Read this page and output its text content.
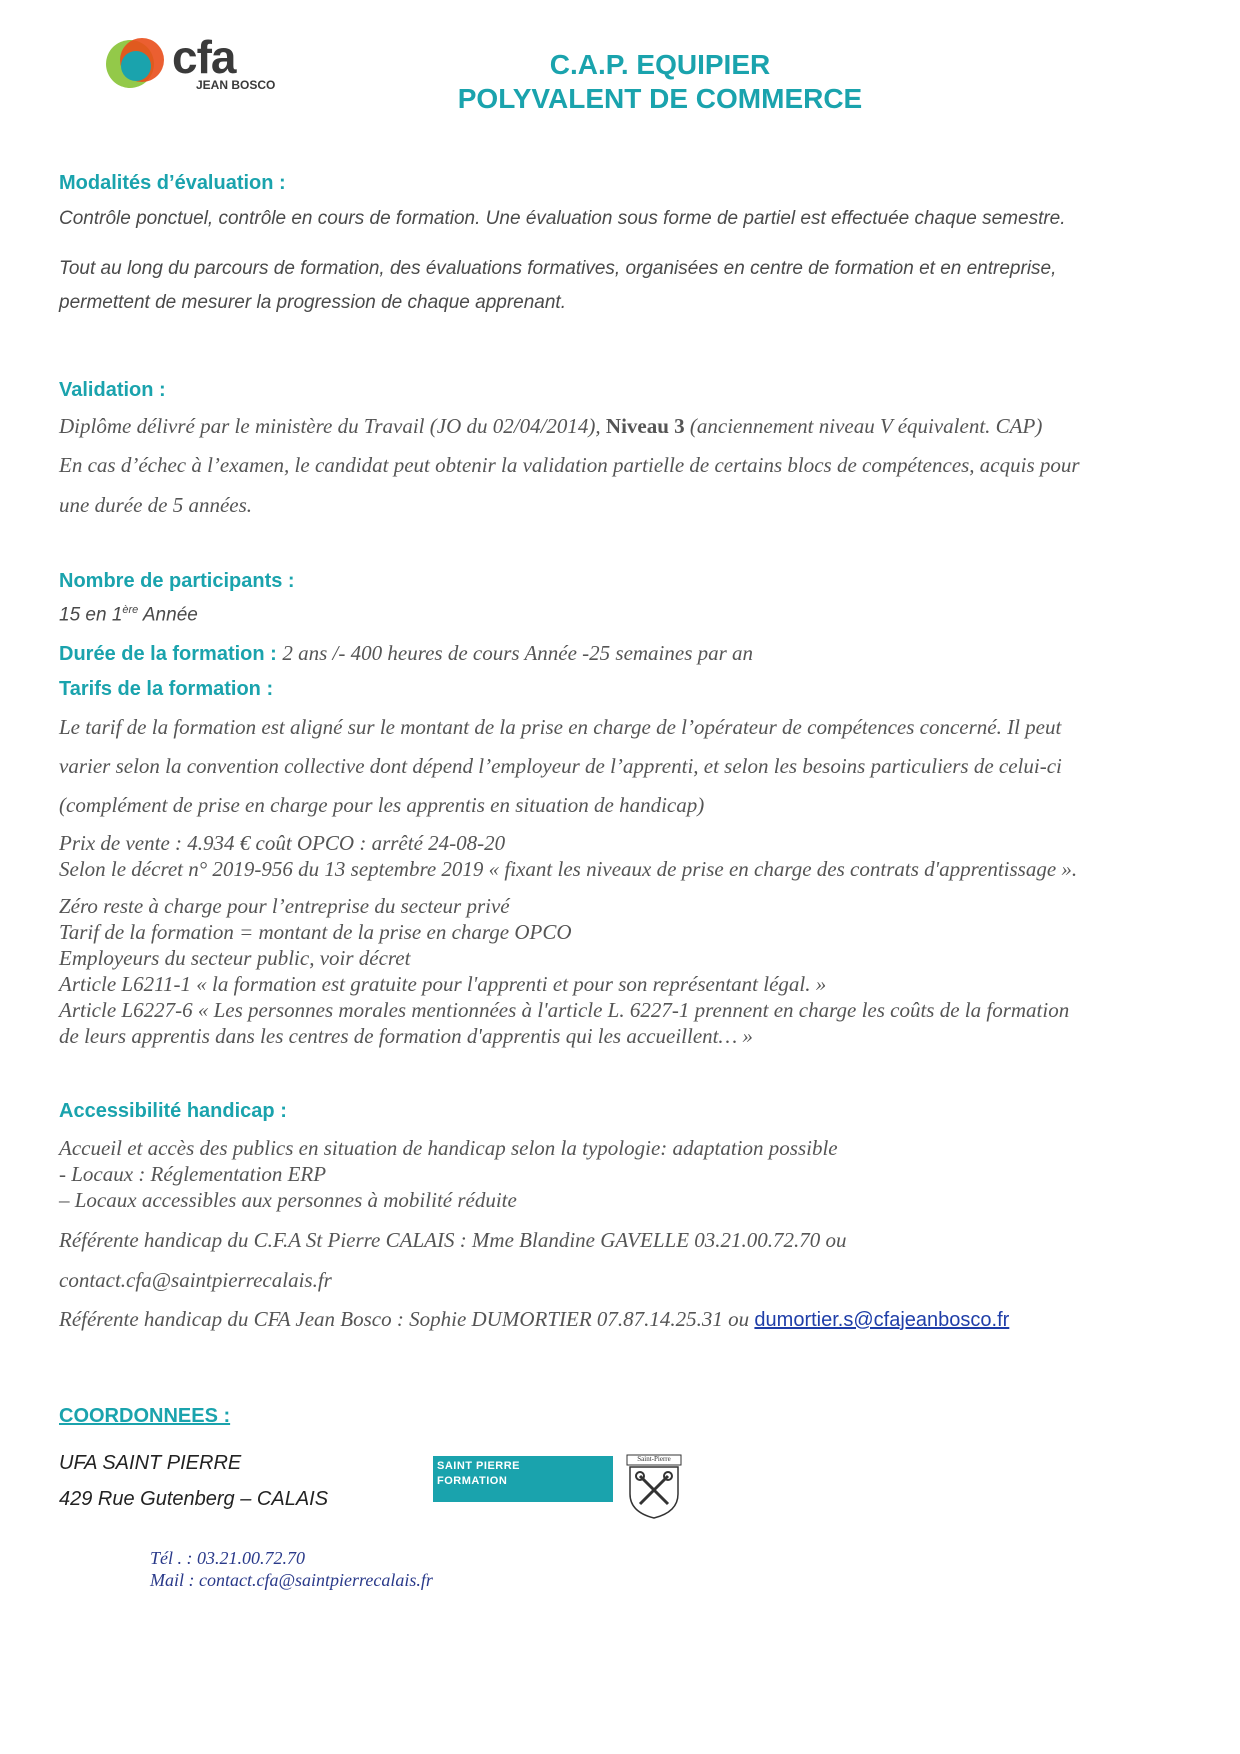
cfa
JEAN BOSCO
C.A.P. EQUIPIER
POLYVALENT DE COMMERCE
Modalités d’évaluation :
Contrôle ponctuel, contrôle en cours de formation. Une évaluation sous forme de partiel est effectuée chaque semestre.
Tout au long du parcours de formation, des évaluations formatives, organisées en centre de formation et en entreprise,
permettent de mesurer la progression de chaque apprenant.
Validation :
Diplôme délivré par le ministère du Travail (JO du 02/04/2014), Niveau 3 (anciennement niveau V équivalent. CAP)
En cas d’échec à l’examen, le candidat peut obtenir la validation partielle de certains blocs de compétences, acquis pour
une durée de 5 années.
Nombre de participants :
15 en 1ère Année
Durée de la formation : 2 ans /- 400 heures de cours Année -25 semaines par an
Tarifs de la formation :
Le tarif de la formation est aligné sur le montant de la prise en charge de l’opérateur de compétences concerné. Il peut
varier selon la convention collective dont dépend l’employeur de l’apprenti, et selon les besoins particuliers de celui-ci
(complément de prise en charge pour les apprentis en situation de handicap)
Prix de vente : 4.934 € coût OPCO : arrêté 24-08-20
Selon le décret n° 2019-956 du 13 septembre 2019 « fixant les niveaux de prise en charge des contrats d'apprentissage ».
Zéro reste à charge pour l’entreprise du secteur privé
Tarif de la formation = montant de la prise en charge OPCO
Employeurs du secteur public, voir décret
Article L6211-1 « la formation est gratuite pour l'apprenti et pour son représentant légal. »
Article L6227-6 « Les personnes morales mentionnées à l'article L. 6227-1 prennent en charge les coûts de la formation
de leurs apprentis dans les centres de formation d'apprentis qui les accueillent… »
Accessibilité handicap :
Accueil et accès des publics en situation de handicap selon la typologie: adaptation possible
- Locaux : Réglementation ERP
– Locaux accessibles aux personnes à mobilité réduite
Référente handicap du C.F.A St Pierre CALAIS : Mme Blandine GAVELLE 03.21.00.72.70 ou
contact.cfa@saintpierrecalais.fr
Référente handicap du CFA Jean Bosco : Sophie DUMORTIER 07.87.14.25.31 ou dumortier.s@cfajeanbosco.fr
COORDONNEES :
UFA SAINT PIERRE
429 Rue Gutenberg – CALAIS
SAINT PIERRE
FORMATION
Saint-Pierre
Tél . : 03.21.00.72.70
Mail : contact.cfa@saintpierrecalais.fr
